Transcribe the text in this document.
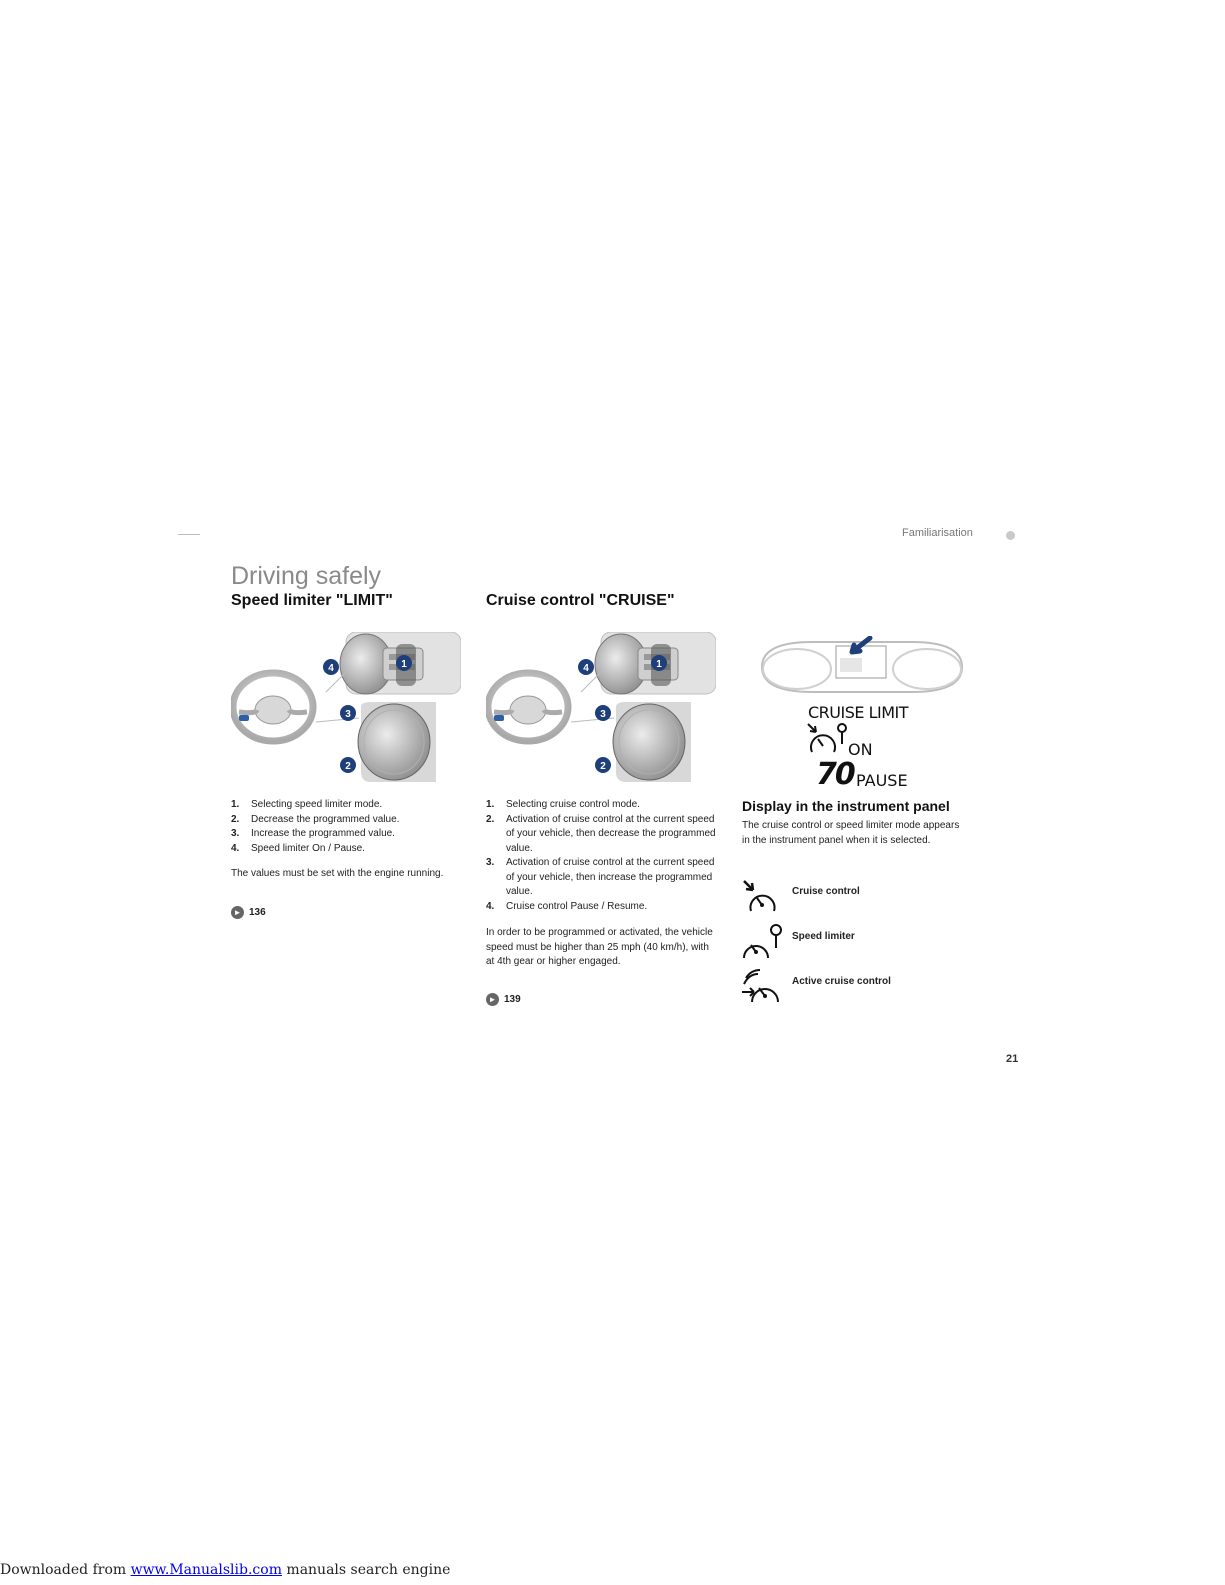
Familiarisation
Driving safely
Speed limiter "LIMIT"	Cruise control "CRUISE"
4	1
3
2
4	1
3
2
CRUISE LIMIT
ON
70 PAUSE
1.	Selecting speed limiter mode.
2.	Decrease the programmed value.
3.	Increase the programmed value.
4.	Speed limiter On / Pause.
The values must be set with the engine running.
► 136
1.	Selecting cruise control mode.
2.	Activation of cruise control at the current speed of your vehicle, then decrease the programmed value.
3.	Activation of cruise control at the current speed of your vehicle, then increase the programmed value.
4.	Cruise control Pause / Resume.
In order to be programmed or activated, the vehicle speed must be higher than 25 mph (40 km/h), with at 4th gear or higher engaged.
► 139
Display in the instrument panel
The cruise control or speed limiter mode appears in the instrument panel when it is selected.
Cruise control
Speed limiter
Active cruise control
21
Downloaded from www.Manualslib.com manuals search engine
